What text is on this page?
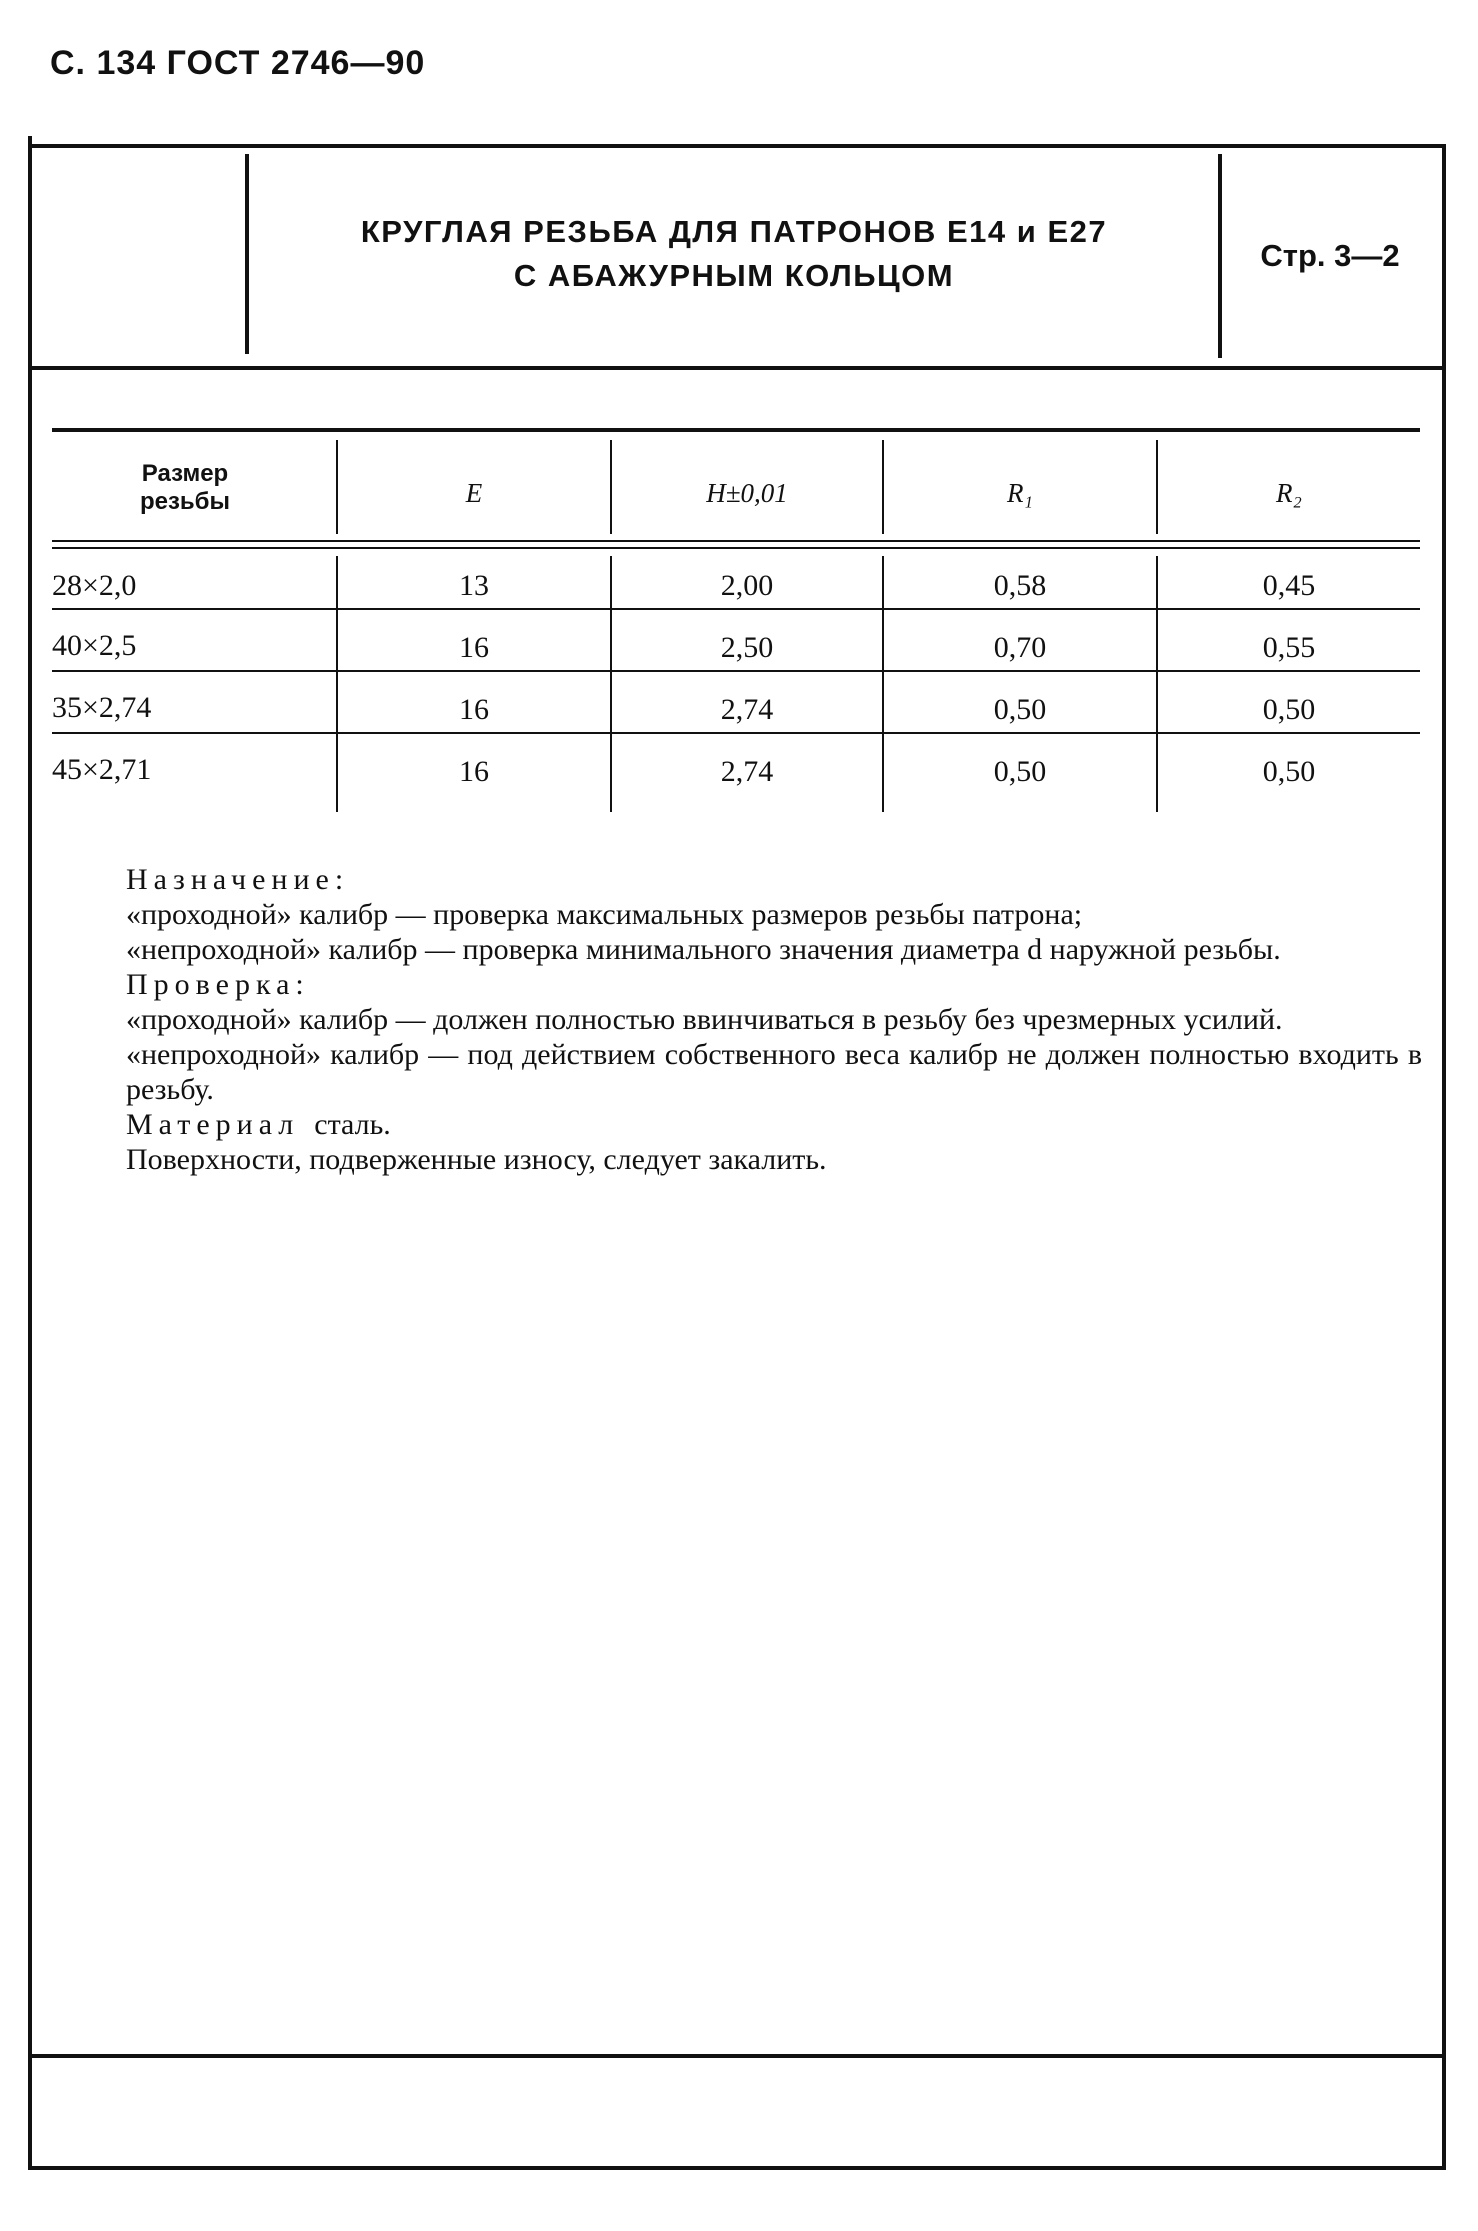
С. 134 ГОСТ 2746—90
КРУГЛАЯ РЕЗЬБА ДЛЯ ПАТРОНОВ Е14 и Е27
С АБАЖУРНЫМ КОЛЬЦОМ
Стр. 3—2
Размер резьбы	E	H±0,01	R₁	R₂
28×2,0	13	2,00	0,58	0,45
40×2,5	16	2,50	0,70	0,55
35×2,74	16	2,74	0,50	0,50
45×2,71	16	2,74	0,50	0,50

Назначение:

«проходной» калибр — проверка максимальных размеров резьбы патрона;

«непроходной» калибр — проверка минимального значения диаметра d наружной резьбы.

Проверка:

«проходной» калибр — должен полностью ввинчиваться в резьбу без чрезмерных усилий.

«непроходной» калибр — под действием собственного веса калибр не должен полностью входить в резьбу.

Материал сталь.

Поверхности, подверженные износу, следует закалить.
